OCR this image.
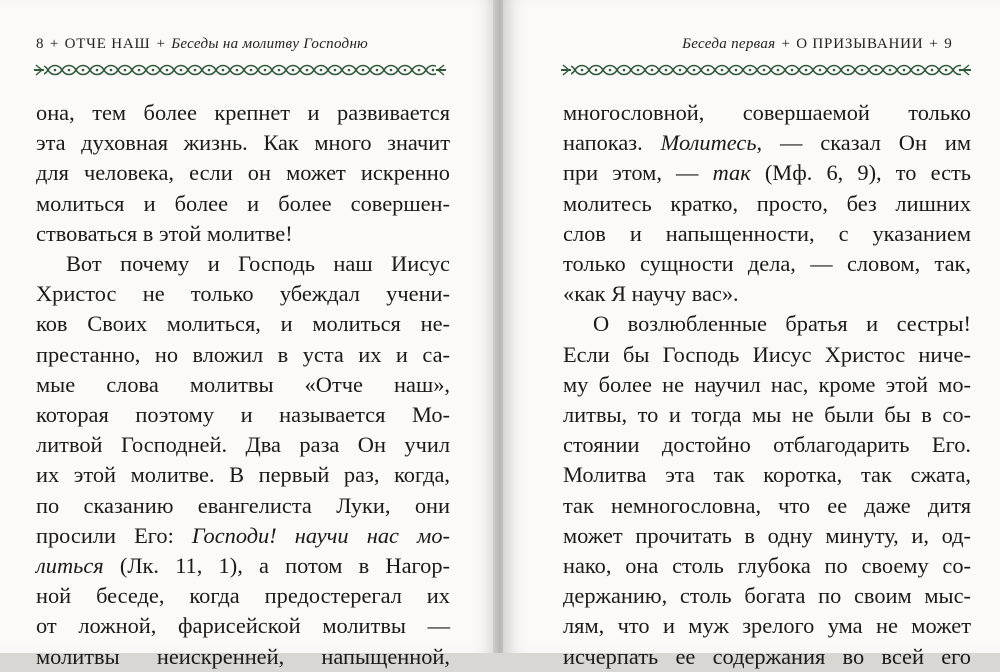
8 + ОТЧЕ НАШ + Беседы на молитву Господню
она, тем более крепнет и развивается
эта духовная жизнь. Как много значит
для человека, если он может искренно
молиться и более и более совершен-
ствоваться в этой молитве!
Вот почему и Господь наш Иисус
Христос не только убеждал учени-
ков Своих молиться, и молиться не-
престанно, но вложил в уста их и са-
мые слова молитвы «Отче наш»,
которая поэтому и называется Мо-
литвой Господней. Два раза Он учил
их этой молитве. В первый раз, когда,
по сказанию евангелиста Луки, они
просили Его: Господи! научи нас мо-
литься (Лк. 11, 1), а потом в Нагор-
ной беседе, когда предостерегал их
от ложной, фарисейской молитвы —
молитвы неискренней, напыщенной,
Беседа первая + О ПРИЗЫВАНИИ + 9
многословной, совершаемой только
напоказ. Молитесь, — сказал Он им
при этом, — так (Мф. 6, 9), то есть
молитесь кратко, просто, без лишних
слов и напыщенности, с указанием
только сущности дела, — словом, так,
«как Я научу вас».
О возлюбленные братья и сестры!
Если бы Господь Иисус Христос ниче-
му более не научил нас, кроме этой мо-
литвы, то и тогда мы не были бы в со-
стоянии достойно отблагодарить Его.
Молитва эта так коротка, так сжата,
так немногословна, что ее даже дитя
может прочитать в одну минуту, и, од-
нако, она столь глубока по своему со-
держанию, столь богата по своим мыс-
лям, что и муж зрелого ума не может
исчерпать ее содержания во всей его
